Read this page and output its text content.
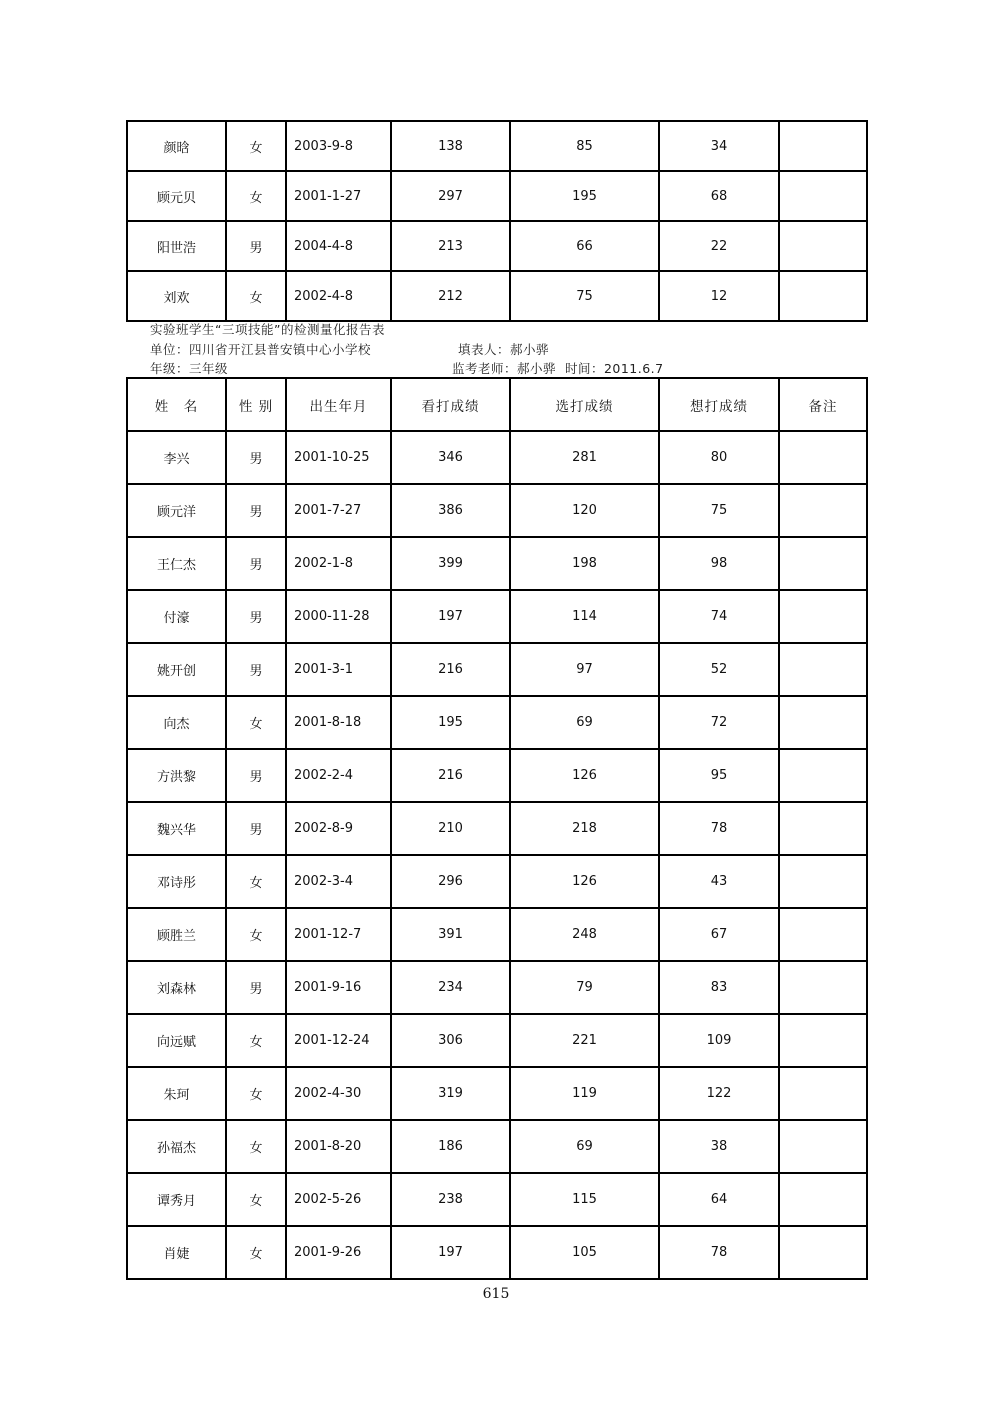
颜晗	女	2003-9-8	138	85	34	
顾元贝	女	2001-1-27	297	195	68	
阳世浩	男	2004-4-8	213	66	22	
刘欢	女	2002-4-8	212	75	12	
实验班学生“三项技能”的检测量化报告表
单位：四川省开江县普安镇中心小学校	填表人：郝小骅
年级：三年级	监考老师：郝小骅  时间：2011.6.7
姓　名	性 别	出生年月	看打成绩	选打成绩	想打成绩	备注
李兴	男	2001-10-25	346	281	80	
顾元洋	男	2001-7-27	386	120	75	
王仁杰	男	2002-1-8	399	198	98	
付濠	男	2000-11-28	197	114	74	
姚开创	男	2001-3-1	216	97	52	
向杰	女	2001-8-18	195	69	72	
方洪黎	男	2002-2-4	216	126	95	
魏兴华	男	2002-8-9	210	218	78	
邓诗彤	女	2002-3-4	296	126	43	
顾胜兰	女	2001-12-7	391	248	67	
刘森林	男	2001-9-16	234	79	83	
向远赋	女	2001-12-24	306	221	109	
朱珂	女	2002-4-30	319	119	122	
孙福杰	女	2001-8-20	186	69	38	
谭秀月	女	2002-5-26	238	115	64	
肖婕	女	2001-9-26	197	105	78	
615
